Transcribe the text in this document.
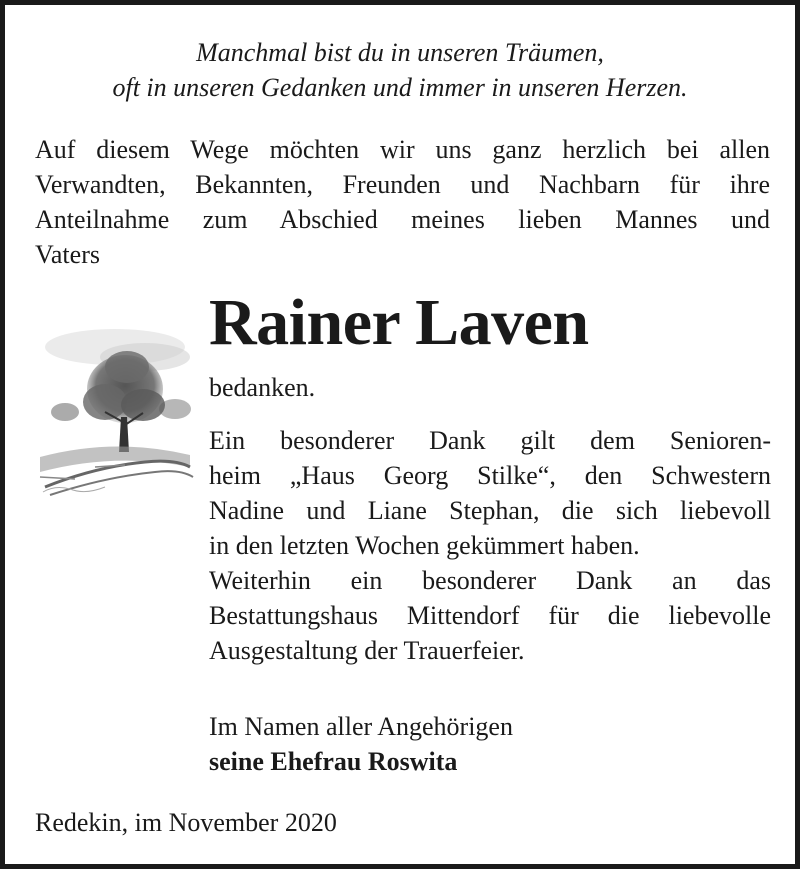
Manchmal bist du in unseren Träumen,
oft in unseren Gedanken und immer in unseren Herzen.

Auf diesem Wege möchten wir uns ganz herzlich bei allen

Verwandten, Bekannten, Freunden und Nachbarn für ihre

Anteilnahme zum Abschied meines lieben Mannes und

Vaters

Rainer Laven

bedanken.

Ein besonderer Dank gilt dem Senioren-

heim „Haus Georg Stilke“, den Schwestern

Nadine und Liane Stephan, die sich liebevoll

in den letzten Wochen gekümmert haben.

Weiterhin ein besonderer Dank an das

Bestattungshaus Mittendorf für die liebevolle

Ausgestaltung der Trauerfeier.

Im Namen aller Angehörigen
seine Ehefrau Roswita
Redekin, im November 2020
